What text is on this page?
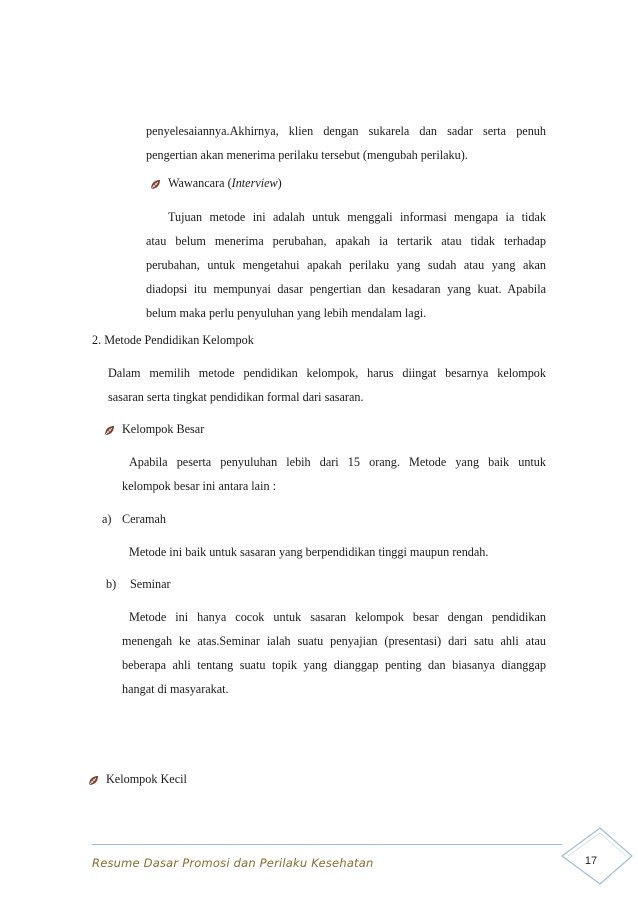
penyelesaiannya.Akhirnya, klien dengan sukarela dan sadar serta penuh
pengertian akan menerima perilaku tersebut (mengubah perilaku).
Wawancara (Interview)
Tujuan metode ini adalah untuk menggali informasi mengapa ia tidak
atau belum menerima perubahan, apakah ia tertarik atau tidak terhadap
perubahan, untuk mengetahui apakah perilaku yang sudah atau yang akan
diadopsi itu mempunyai dasar pengertian dan kesadaran yang kuat. Apabila
belum maka perlu penyuluhan yang lebih mendalam lagi.
2. Metode Pendidikan Kelompok
Dalam memilih metode pendidikan kelompok, harus diingat besarnya kelompok
sasaran serta tingkat pendidikan formal dari sasaran.
Kelompok Besar
Apabila peserta penyuluhan lebih dari 15 orang. Metode yang baik untuk
kelompok besar ini antara lain :
a) Ceramah
Metode ini baik untuk sasaran yang berpendidikan tinggi maupun rendah.
b) Seminar
Metode ini hanya cocok untuk sasaran kelompok besar dengan pendidikan
menengah ke atas.Seminar ialah suatu penyajian (presentasi) dari satu ahli atau
beberapa ahli tentang suatu topik yang dianggap penting dan biasanya dianggap
hangat di masyarakat.
Kelompok Kecil
Resume Dasar Promosi dan Perilaku Kesehatan	17
